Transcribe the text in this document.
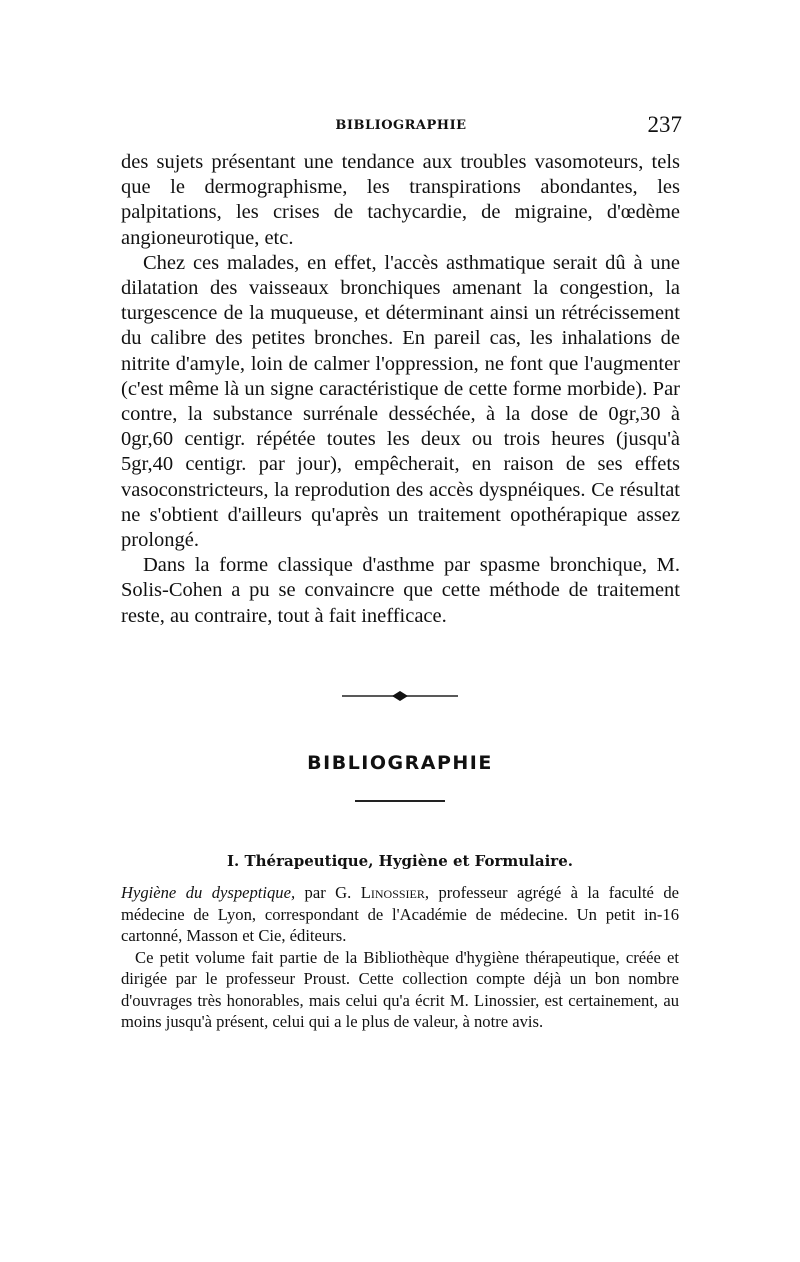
BIBLIOGRAPHIE	237

des sujets présentant une tendance aux troubles vasomoteurs, tels que le dermographisme, les transpirations abondantes, les palpitations, les crises de tachycardie, de migraine, d'œdème angioneurotique, etc.

Chez ces malades, en effet, l'accès asthmatique serait dû à une dilatation des vaisseaux bronchiques amenant la congestion, la turgescence de la muqueuse, et déterminant ainsi un rétrécissement du calibre des petites bronches. En pareil cas, les inhalations de nitrite d'amyle, loin de calmer l'oppression, ne font que l'augmenter (c'est même là un signe caractéristique de cette forme morbide). Par contre, la substance surrénale desséchée, à la dose de 0gr,30 à 0gr,60 centigr. répétée toutes les deux ou trois heures (jusqu'à 5gr,40 centigr. par jour), empêcherait, en raison de ses effets vasoconstricteurs, la reprodution des accès dyspnéiques. Ce résultat ne s'obtient d'ailleurs qu'après un traitement opothérapique assez prolongé.

Dans la forme classique d'asthme par spasme bronchique, M. Solis-Cohen a pu se convaincre que cette méthode de traitement reste, au contraire, tout à fait inefficace.

BIBLIOGRAPHIE
I. Thérapeutique, Hygiène et Formulaire.

Hygiène du dyspeptique, par G. Linossier, professeur agrégé à la faculté de médecine de Lyon, correspondant de l'Académie de médecine. Un petit in-16 cartonné, Masson et Cie, éditeurs.

Ce petit volume fait partie de la Bibliothèque d'hygiène thérapeutique, créée et dirigée par le professeur Proust. Cette collection compte déjà un bon nombre d'ouvrages très honorables, mais celui qu'a écrit M. Linossier, est certainement, au moins jusqu'à présent, celui qui a le plus de valeur, à notre avis.
